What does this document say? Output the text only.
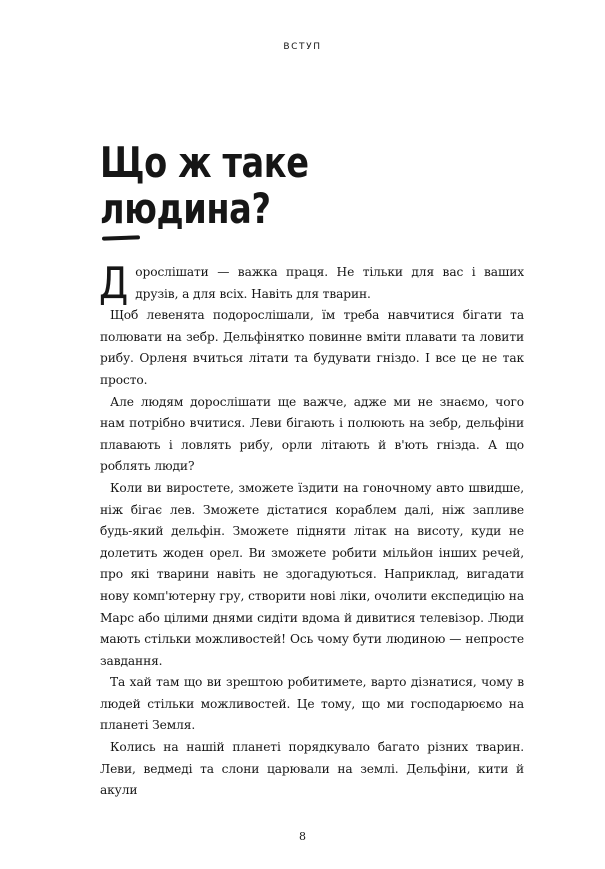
ВСТУП
Що ж таке
людина?

Дорослішати — важка праця. Не тільки для вас і ваших друзів, а для всіх. Навіть для тварин.

Щоб левенята подорослішали, їм треба навчитися бігати та полювати на зебр. Дельфінятко повинне вміти плавати та ловити рибу. Орленя вчиться літати та будувати гніздо. І все це не так просто.

Але людям дорослішати ще важче, адже ми не знаємо, чого нам потрібно вчитися. Леви бігають і полюють на зебр, дельфіни плавають і ловлять рибу, орли літають й в'ють гнізда. А що роблять люди?

Коли ви виростете, зможете їздити на гоночному авто швидше, ніж бігає лев. Зможете дістатися кораблем далі, ніж запливе будь-який дельфін. Зможете підняти літак на висоту, куди не долетить жоден орел. Ви зможете робити мільйон інших речей, про які тварини навіть не здогадуються. Наприклад, вигадати нову комп'ютерну гру, створити нові ліки, очолити експедицію на Марс або цілими днями сидіти вдома й дивитися телевізор. Люди мають стільки можливостей! Ось чому бути людиною — непросте завдання.

Та хай там що ви зрештою робитимете, варто дізнатися, чому в людей стільки можливостей. Це тому, що ми господарюємо на планеті Земля.

Колись на нашій планеті порядкувало багато різних тварин. Леви, ведмеді та слони царювали на землі. Дельфіни, кити й акули

8
